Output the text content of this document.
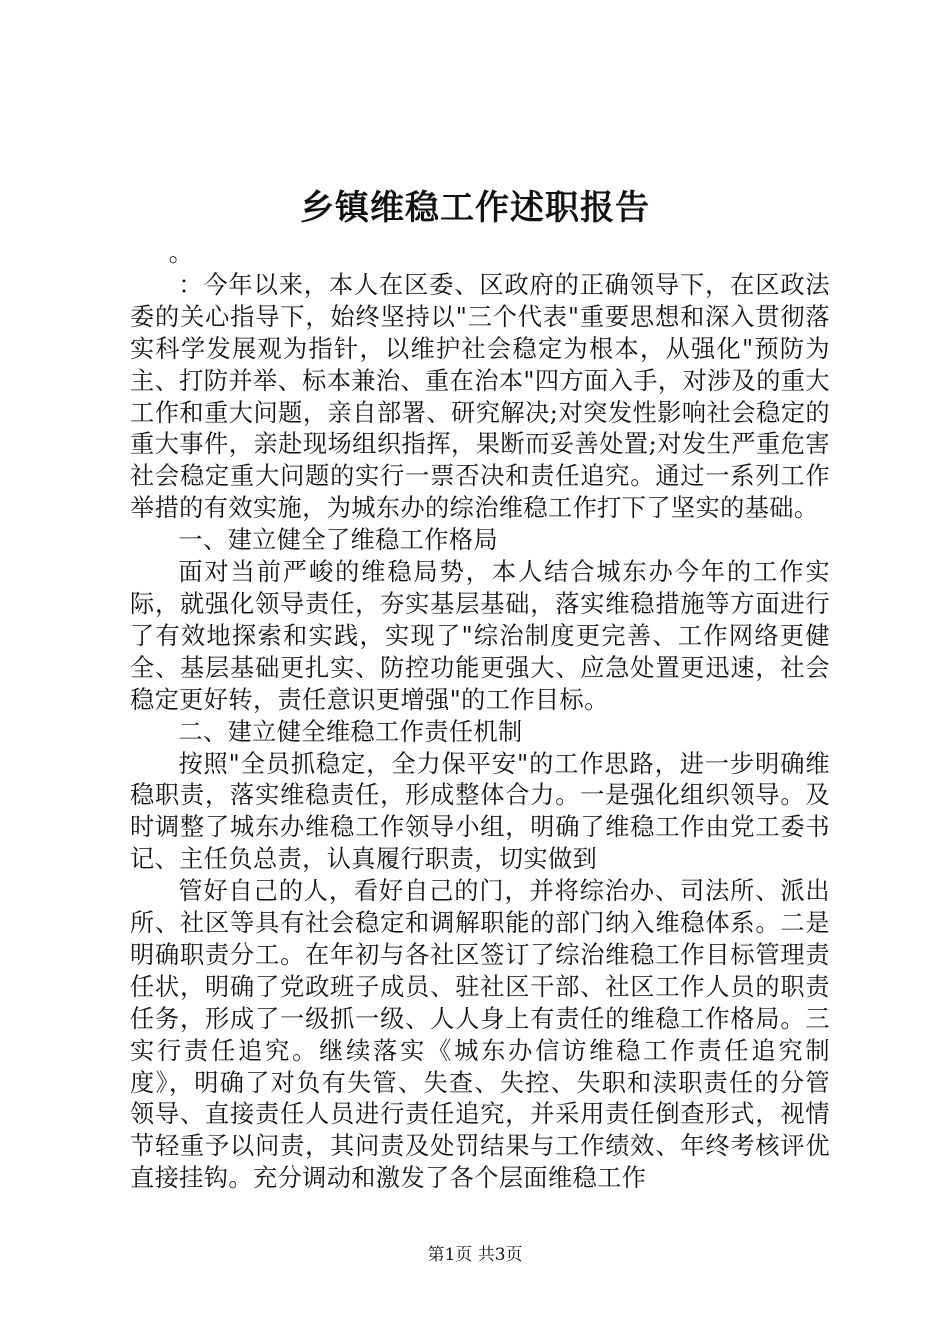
乡镇维稳工作述职报告

。

：今年以来，本人在区委、区政府的正确领导下，在区政法委的关心指导下，始终坚持以"三个代表"重要思想和深入贯彻落实科学发展观为指针，以维护社会稳定为根本，从强化"预防为主、打防并举、标本兼治、重在治本"四方面入手，对涉及的重大工作和重大问题，亲自部署、研究解决;对突发性影响社会稳定的重大事件，亲赴现场组织指挥，果断而妥善处置;对发生严重危害社会稳定重大问题的实行一票否决和责任追究。通过一系列工作举措的有效实施，为城东办的综治维稳工作打下了坚实的基础。

一、建立健全了维稳工作格局

面对当前严峻的维稳局势，本人结合城东办今年的工作实际，就强化领导责任，夯实基层基础，落实维稳措施等方面进行了有效地探索和实践，实现了"综治制度更完善、工作网络更健全、基层基础更扎实、防控功能更强大、应急处置更迅速，社会稳定更好转，责任意识更增强"的工作目标。

二、建立健全维稳工作责任机制

按照"全员抓稳定，全力保平安"的工作思路，进一步明确维稳职责，落实维稳责任，形成整体合力。一是强化组织领导。及时调整了城东办维稳工作领导小组，明确了维稳工作由党工委书记、主任负总责，认真履行职责，切实做到

管好自己的人，看好自己的门，并将综治办、司法所、派出所、社区等具有社会稳定和调解职能的部门纳入维稳体系。二是明确职责分工。在年初与各社区签订了综治维稳工作目标管理责任状，明确了党政班子成员、驻社区干部、社区工作人员的职责任务，形成了一级抓一级、人人身上有责任的维稳工作格局。三实行责任追究。继续落实《城东办信访维稳工作责任追究制度》，明确了对负有失管、失查、失控、失职和渎职责任的分管领导、直接责任人员进行责任追究，并采用责任倒查形式，视情节轻重予以问责，其问责及处罚结果与工作绩效、年终考核评优直接挂钩。充分调动和激发了各个层面维稳工作

第1页 共3页
